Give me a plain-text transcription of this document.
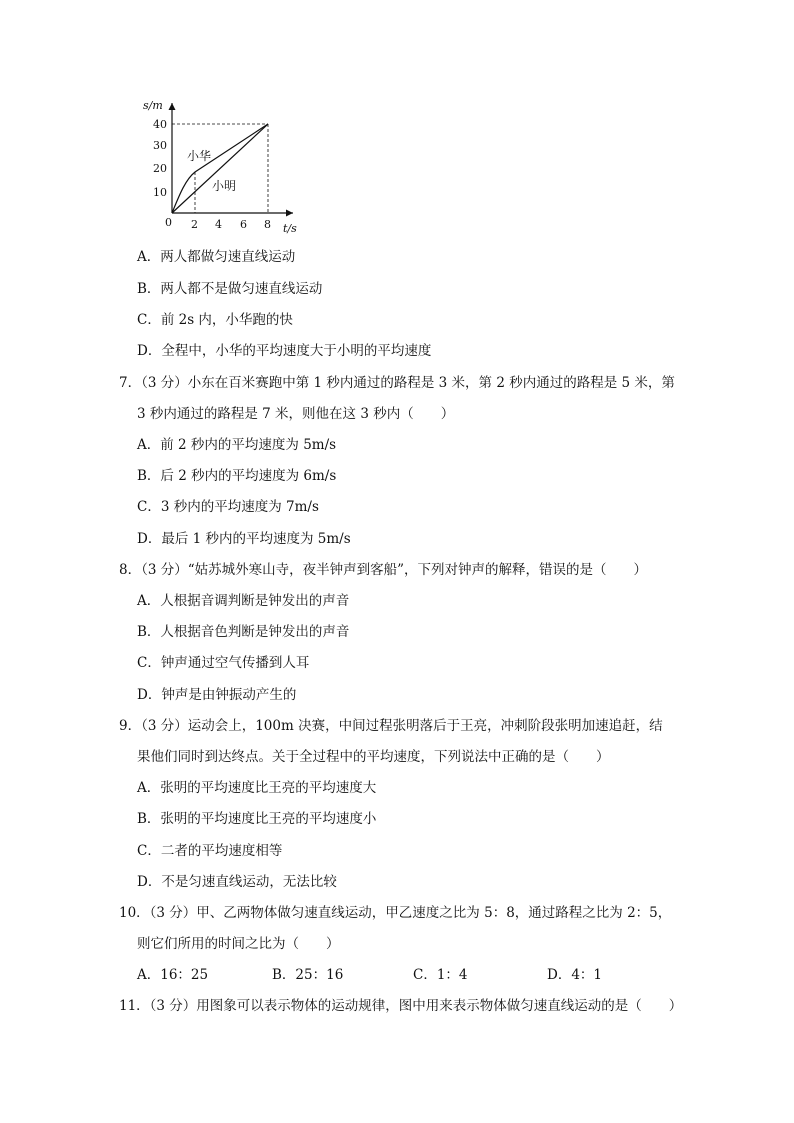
s/m
t/s
40
30
20
10
0 2 4 6 8
小华
小明
A．两人都做匀速直线运动
B．两人都不是做匀速直线运动
C．前 2s 内，小华跑的快
D．全程中，小华的平均速度大于小明的平均速度
7．（3 分）小东在百米赛跑中第 1 秒内通过的路程是 3 米，第 2 秒内通过的路程是 5 米，第
3 秒内通过的路程是 7 米，则他在这 3 秒内（　　）
A．前 2 秒内的平均速度为 5m/s
B．后 2 秒内的平均速度为 6m/s
C．3 秒内的平均速度为 7m/s
D．最后 1 秒内的平均速度为 5m/s
8．（3 分）“姑苏城外寒山寺，夜半钟声到客船”，下列对钟声的解释，错误的是（　　）
A．人根据音调判断是钟发出的声音
B．人根据音色判断是钟发出的声音
C．钟声通过空气传播到人耳
D．钟声是由钟振动产生的
9．（3 分）运动会上，100m 决赛，中间过程张明落后于王亮，冲刺阶段张明加速追赶，结
果他们同时到达终点。关于全过程中的平均速度，下列说法中正确的是（　　）
A．张明的平均速度比王亮的平均速度大
B．张明的平均速度比王亮的平均速度小
C．二者的平均速度相等
D．不是匀速直线运动，无法比较
10．（3 分）甲、乙两物体做匀速直线运动，甲乙速度之比为 5：8，通过路程之比为 2：5，
则它们所用的时间之比为（　　）
A．16：25	B．25：16	C．1：4	D．4：1
11．（3 分）用图象可以表示物体的运动规律，图中用来表示物体做匀速直线运动的是（　　）
